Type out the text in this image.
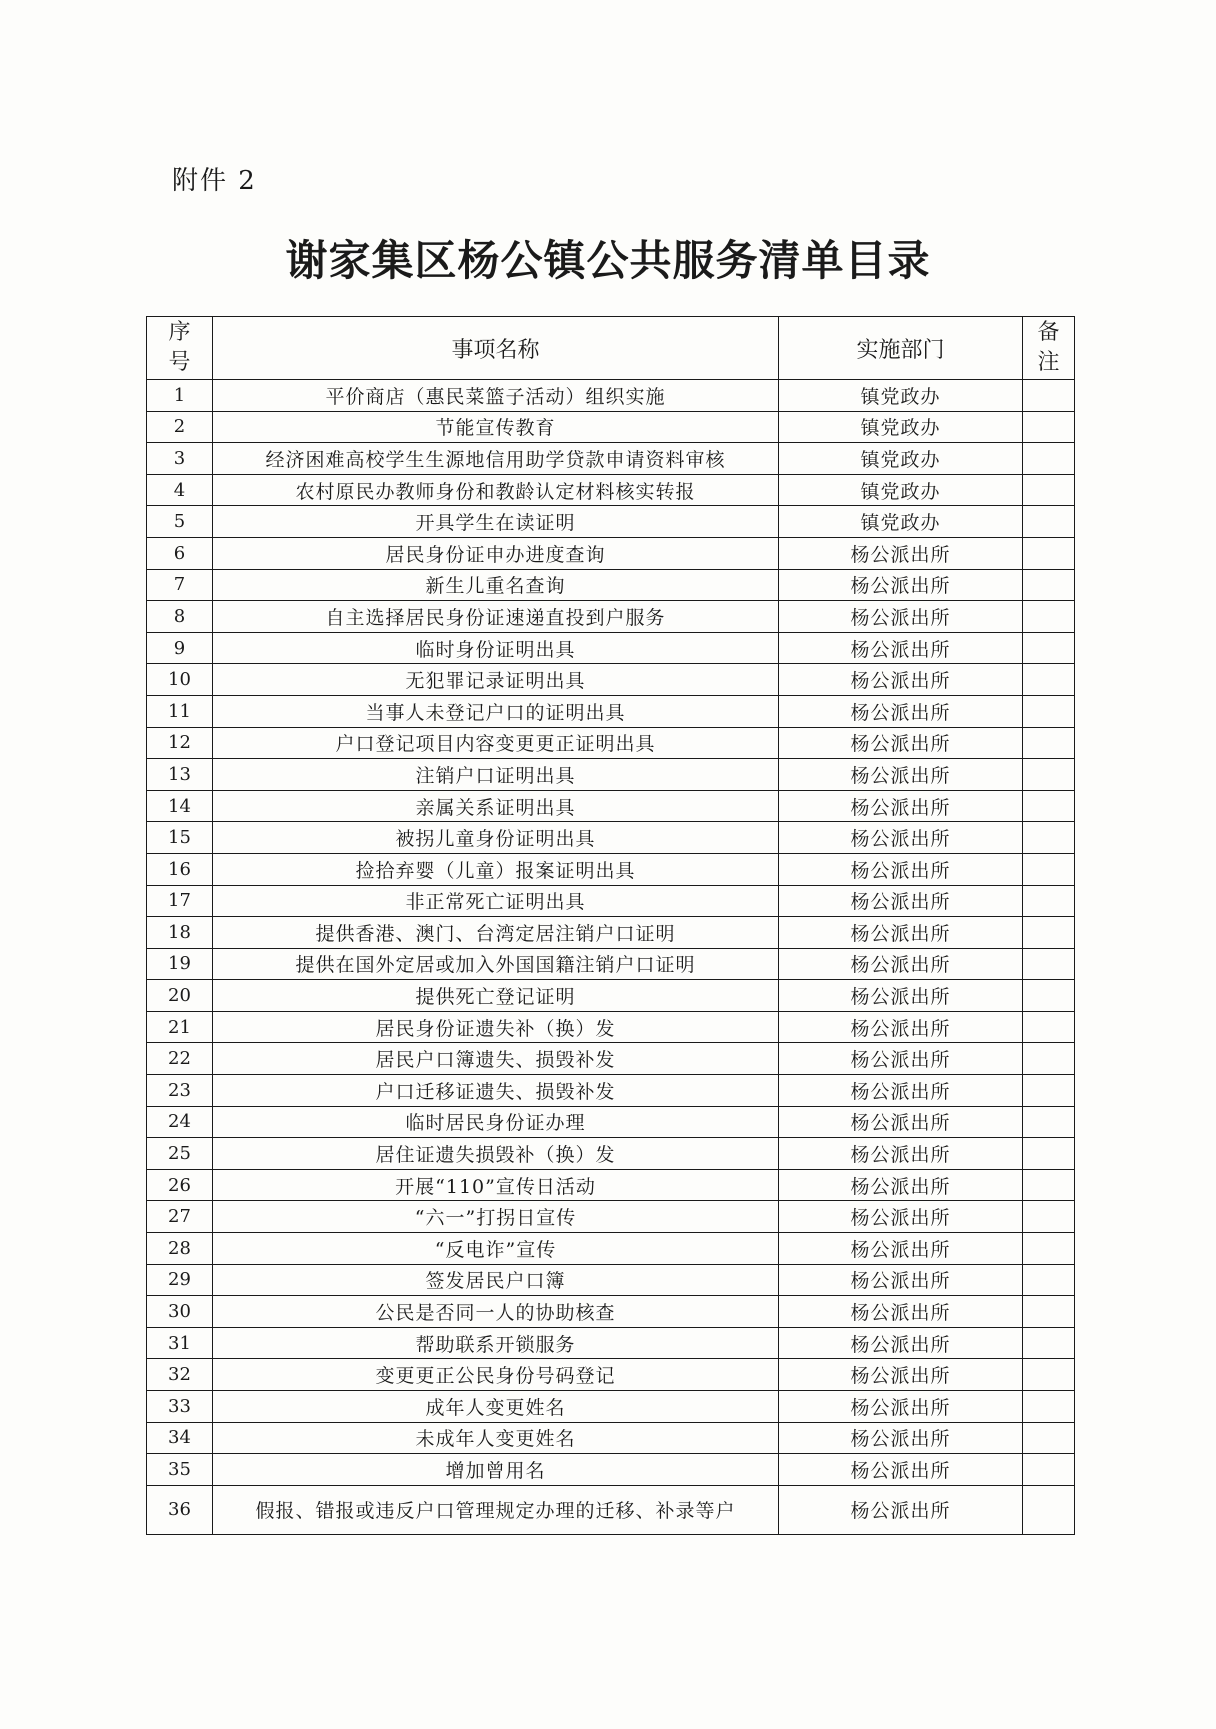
附件 2
谢家集区杨公镇公共服务清单目录
序号	事项名称	实施部门	备注
1	平价商店（惠民菜篮子活动）组织实施	镇党政办	
2	节能宣传教育	镇党政办	
3	经济困难高校学生生源地信用助学贷款申请资料审核	镇党政办	
4	农村原民办教师身份和教龄认定材料核实转报	镇党政办	
5	开具学生在读证明	镇党政办	
6	居民身份证申办进度查询	杨公派出所	
7	新生儿重名查询	杨公派出所	
8	自主选择居民身份证速递直投到户服务	杨公派出所	
9	临时身份证明出具	杨公派出所	
10	无犯罪记录证明出具	杨公派出所	
11	当事人未登记户口的证明出具	杨公派出所	
12	户口登记项目内容变更更正证明出具	杨公派出所	
13	注销户口证明出具	杨公派出所	
14	亲属关系证明出具	杨公派出所	
15	被拐儿童身份证明出具	杨公派出所	
16	捡拾弃婴（儿童）报案证明出具	杨公派出所	
17	非正常死亡证明出具	杨公派出所	
18	提供香港、澳门、台湾定居注销户口证明	杨公派出所	
19	提供在国外定居或加入外国国籍注销户口证明	杨公派出所	
20	提供死亡登记证明	杨公派出所	
21	居民身份证遗失补（换）发	杨公派出所	
22	居民户口簿遗失、损毁补发	杨公派出所	
23	户口迁移证遗失、损毁补发	杨公派出所	
24	临时居民身份证办理	杨公派出所	
25	居住证遗失损毁补（换）发	杨公派出所	
26	开展“110”宣传日活动	杨公派出所	
27	“六一”打拐日宣传	杨公派出所	
28	“反电诈”宣传	杨公派出所	
29	签发居民户口簿	杨公派出所	
30	公民是否同一人的协助核查	杨公派出所	
31	帮助联系开锁服务	杨公派出所	
32	变更更正公民身份号码登记	杨公派出所	
33	成年人变更姓名	杨公派出所	
34	未成年人变更姓名	杨公派出所	
35	增加曾用名	杨公派出所	
36	假报、错报或违反户口管理规定办理的迁移、补录等户	杨公派出所	
